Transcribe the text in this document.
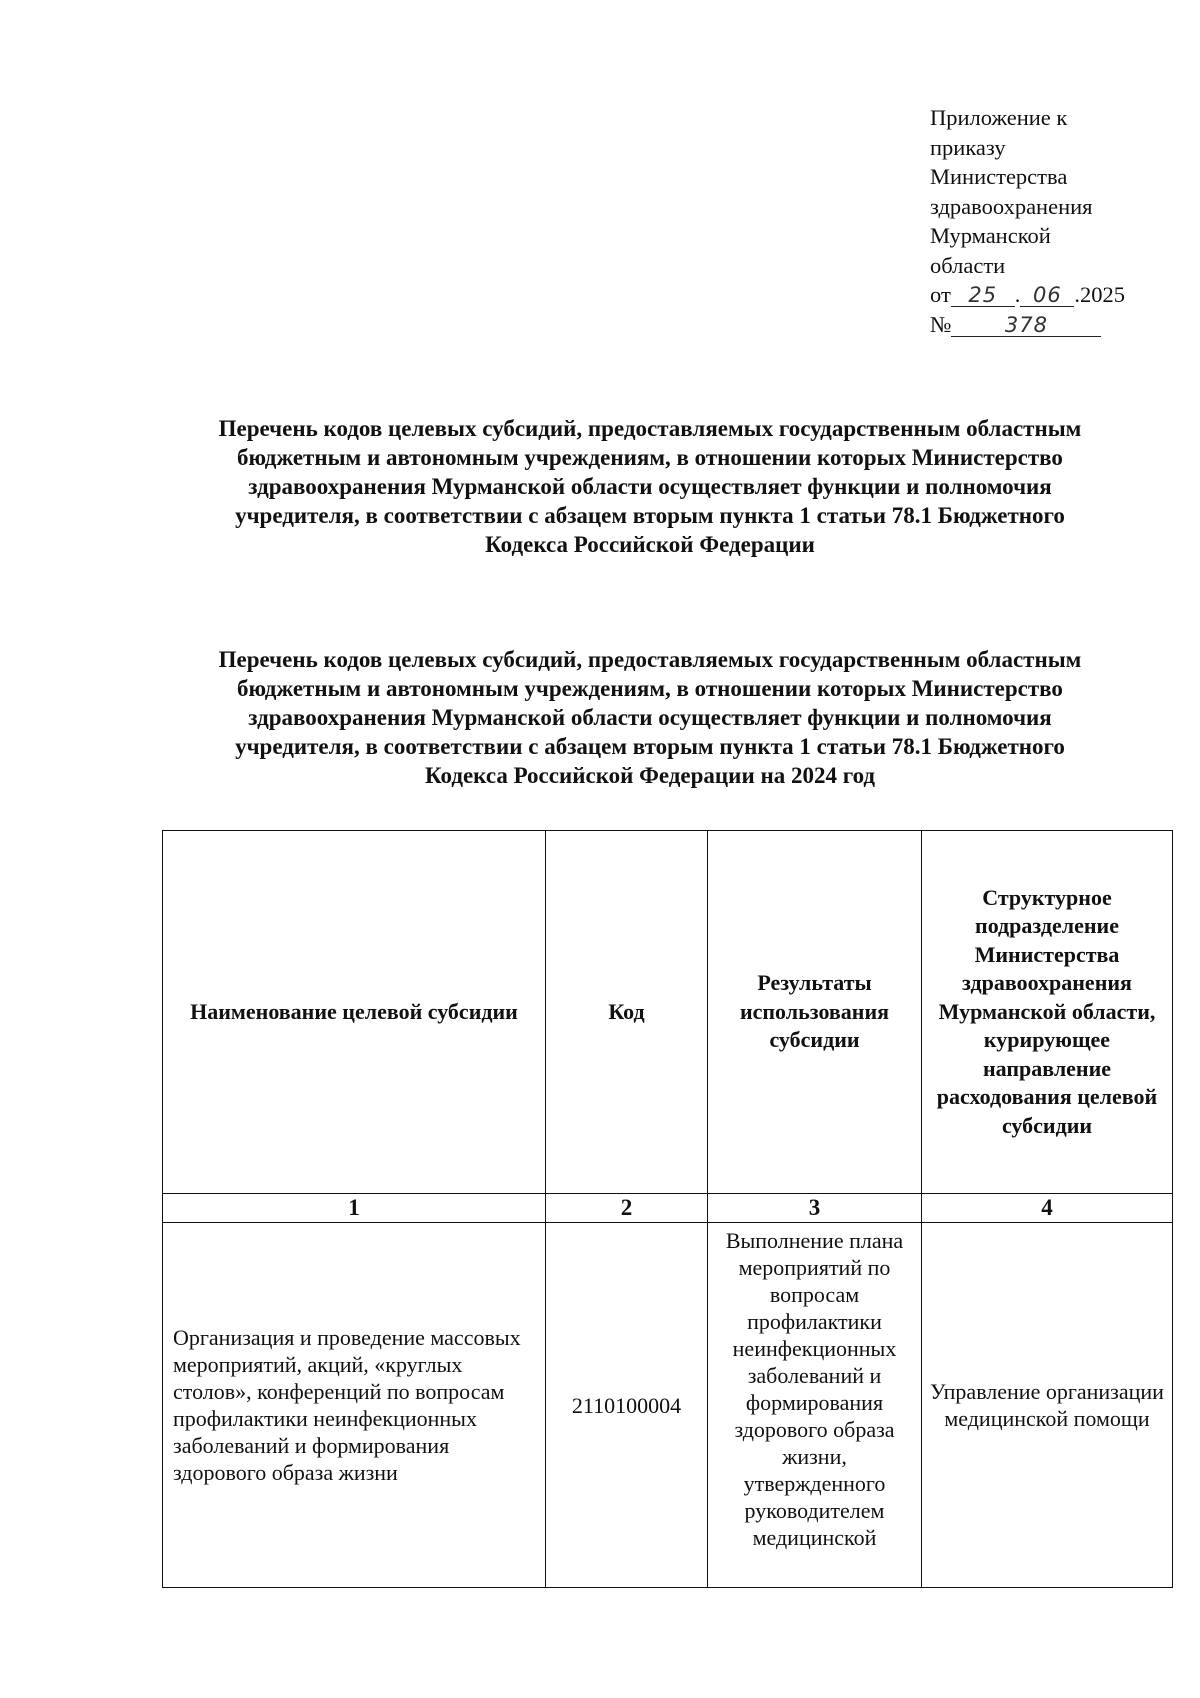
Приложение к
приказу
Министерства
здравоохранения
Мурманской
области
от 25 . 06 .2025
№	378
Перечень кодов целевых субсидий, предоставляемых государственным областным
бюджетным и автономным учреждениям, в отношении которых Министерство
здравоохранения Мурманской области осуществляет функции и полномочия
учредителя, в соответствии с абзацем вторым пункта 1 статьи 78.1 Бюджетного
Кодекса Российской Федерации
Перечень кодов целевых субсидий, предоставляемых государственным областным
бюджетным и автономным учреждениям, в отношении которых Министерство
здравоохранения Мурманской области осуществляет функции и полномочия
учредителя, в соответствии с абзацем вторым пункта 1 статьи 78.1 Бюджетного
Кодекса Российской Федерации на 2024 год
Наименование целевой субсидии	Код	Результаты использования субсидии	Структурное подразделение Министерства здравоохранения Мурманской области, курирующее направление расходования целевой субсидии
1	2	3	4
Организация и проведение массовых мероприятий, акций, «круглых столов», конференций по вопросам профилактики неинфекционных заболеваний и формирования здорового образа жизни	2110100004	Выполнение плана мероприятий по вопросам профилактики неинфекционных заболеваний и формирования здорового образа жизни, утвержденного руководителем медицинской	Управление организации медицинской помощи
